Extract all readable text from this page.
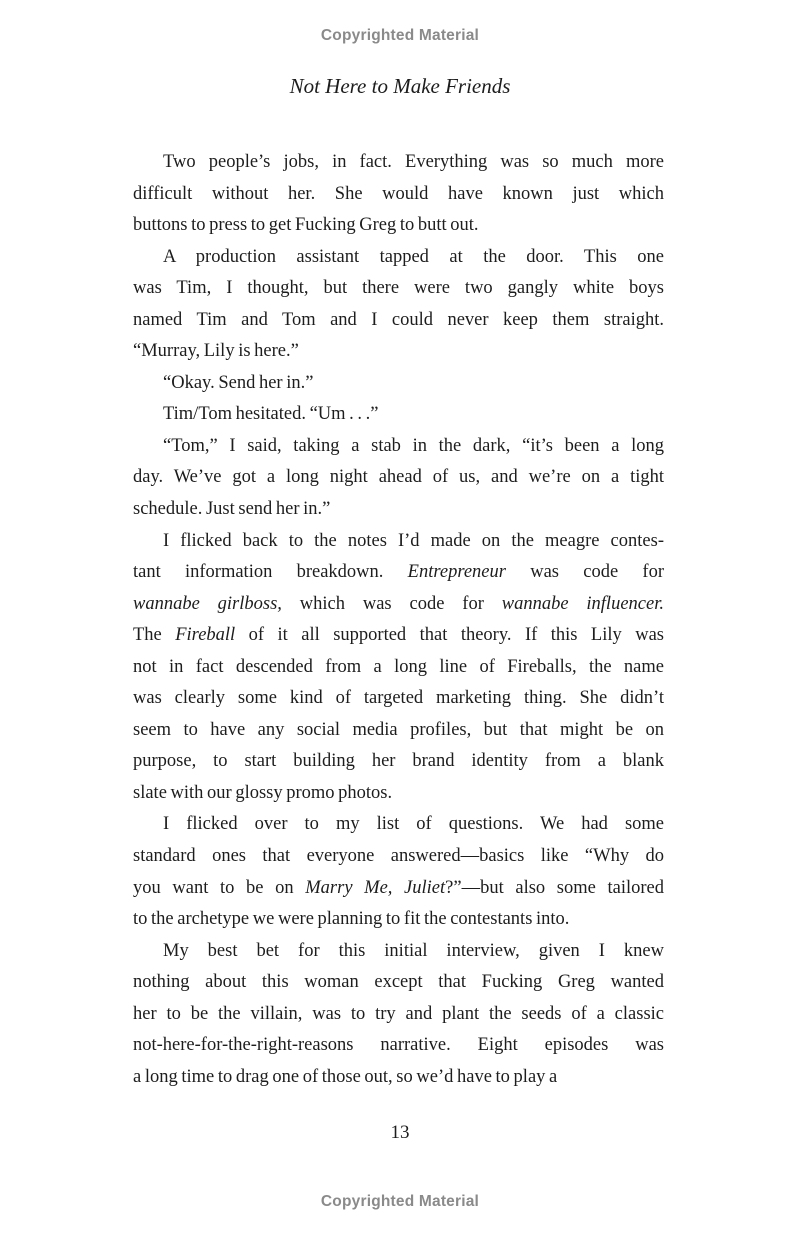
Copyrighted Material
Not Here to Make Friends
Two people’s jobs, in fact. Everything was so much more
difficult without her. She would have known just which
buttons to press to get Fucking Greg to butt out.
A production assistant tapped at the door. This one
was Tim, I thought, but there were two gangly white boys
named Tim and Tom and I could never keep them straight.
“Murray, Lily is here.”
“Okay. Send her in.”
Tim/Tom hesitated. “Um . . .”
“Tom,” I said, taking a stab in the dark, “it’s been a long
day. We’ve got a long night ahead of us, and we’re on a tight
schedule. Just send her in.”
I flicked back to the notes I’d made on the meagre contes-
tant information breakdown. Entrepreneur was code for
wannabe girlboss, which was code for wannabe influencer.
The Fireball of it all supported that theory. If this Lily was
not in fact descended from a long line of Fireballs, the name
was clearly some kind of targeted marketing thing. She didn’t
seem to have any social media profiles, but that might be on
purpose, to start building her brand identity from a blank
slate with our glossy promo photos.
I flicked over to my list of questions. We had some
standard ones that everyone answered—basics like “Why do
you want to be on Marry Me, Juliet?”—but also some tailored
to the archetype we were planning to fit the contestants into.
My best bet for this initial interview, given I knew
nothing about this woman except that Fucking Greg wanted
her to be the villain, was to try and plant the seeds of a classic
not-here-for-the-right-reasons narrative. Eight episodes was
a long time to drag one of those out, so we’d have to play a
13
Copyrighted Material
